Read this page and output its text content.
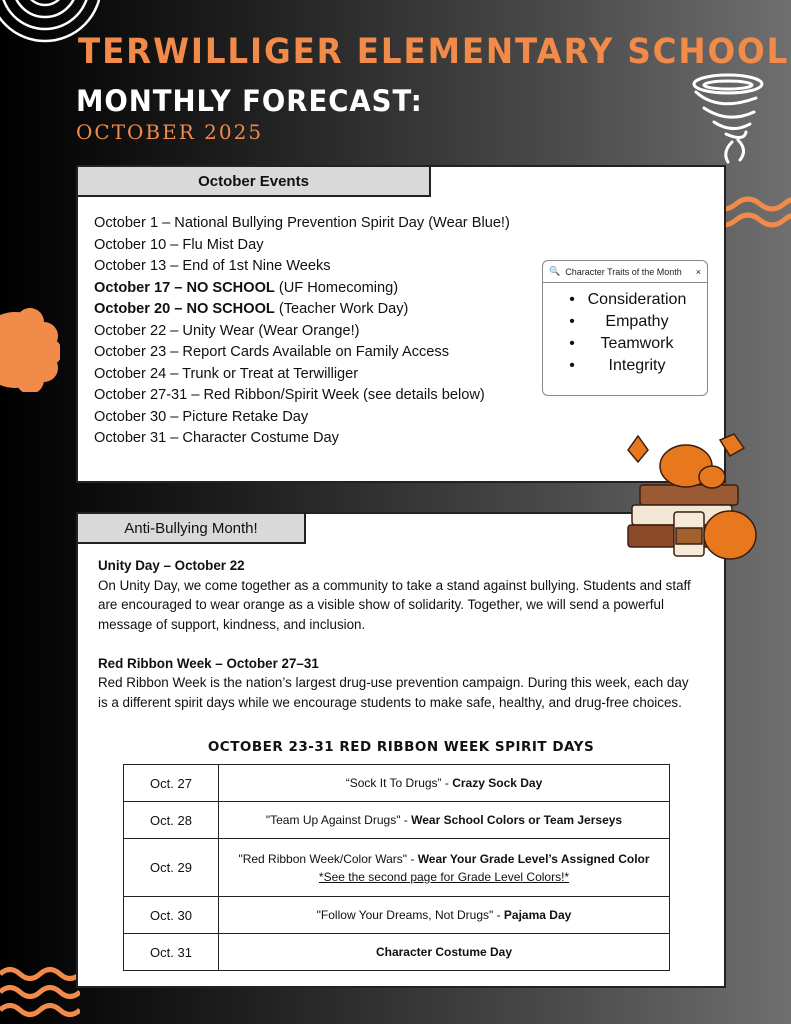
TERWILLIGER ELEMENTARY SCHOOL
MONTHLY FORECAST:
OCTOBER 2025
October Events
October 1 – National Bullying Prevention Spirit Day (Wear Blue!)
October 10 – Flu Mist Day
October 13 – End of 1st Nine Weeks
October 17 – NO SCHOOL (UF Homecoming)
October 20 – NO SCHOOL (Teacher Work Day)
October 22 – Unity Wear (Wear Orange!)
October 23 – Report Cards Available on Family Access
October 24 – Trunk or Treat at Terwilliger
October 27-31 – Red Ribbon/Spirit Week (see details below)
October 30 – Picture Retake Day
October 31 – Character Costume Day
🔍 Character Traits of the Month	×
• Consideration
•	Empathy
•	Teamwork
•	Integrity
Anti-Bullying Month!
Unity Day – October 22

On Unity Day, we come together as a community to take a stand against bullying. Students and staff are encouraged to wear orange as a visible show of solidarity. Together, we will send a powerful message of support, kindness, and inclusion.

Red Ribbon Week – October 27–31

Red Ribbon Week is the nation’s largest drug-use prevention campaign. During this week, each day is a different spirit days while we encourage students to make safe, healthy, and drug-free choices.

OCTOBER 23-31 RED RIBBON WEEK SPIRIT DAYS
Oct. 27	“Sock It To Drugs” - Crazy Sock Day
Oct. 28	"Team Up Against Drugs" - Wear School Colors or Team Jerseys
Oct. 29	"Red Ribbon Week/Color Wars" - Wear Your Grade Level’s Assigned Color
*See the second page for Grade Level Colors!*

Oct. 30	"Follow Your Dreams, Not Drugs" - Pajama Day
Oct. 31	Character Costume Day
